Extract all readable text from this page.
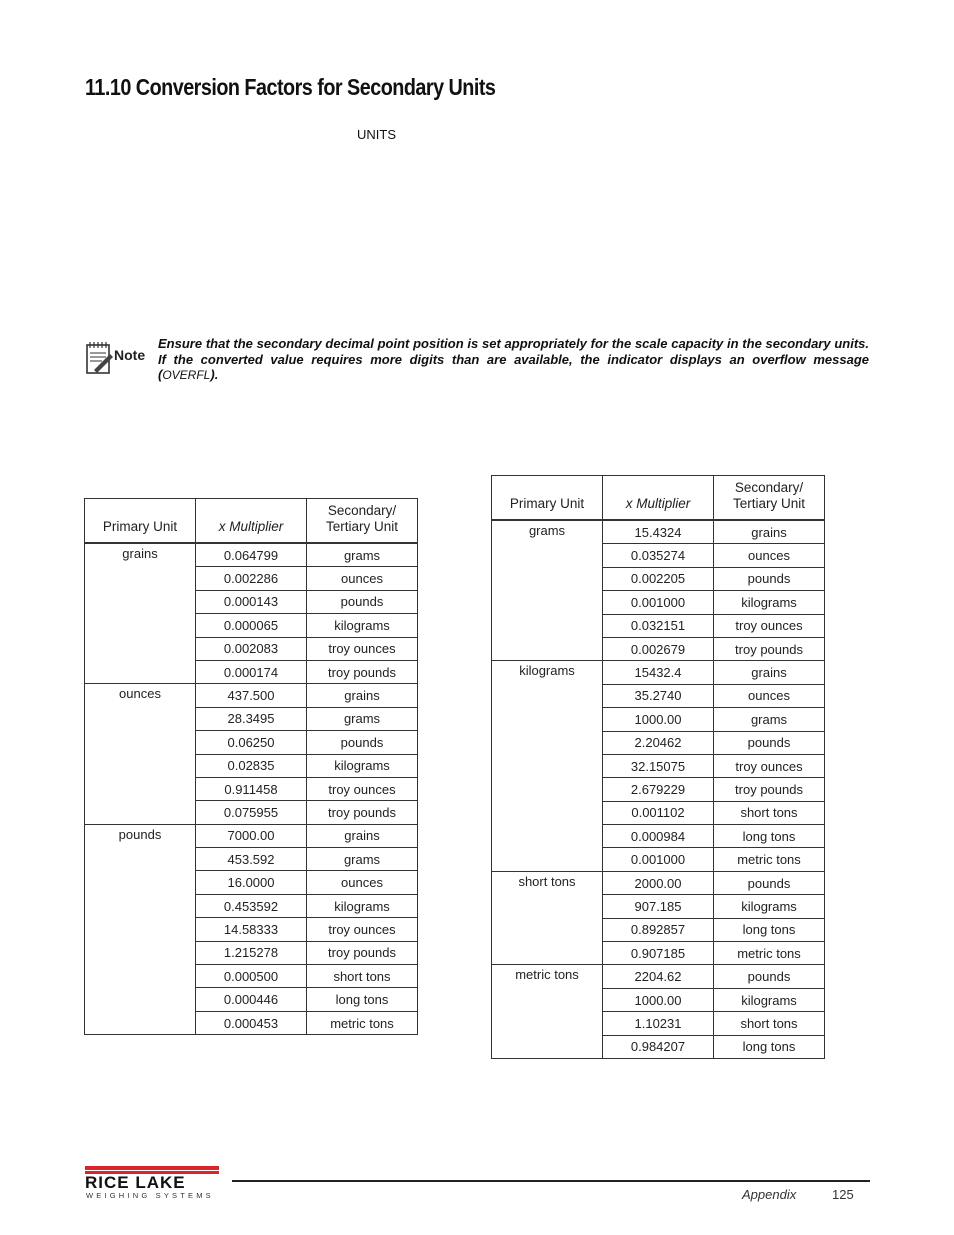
11.10 Conversion Factors for Secondary Units
UNITS
Note
Ensure that the secondary decimal point position is set appropriately for the scale capacity in the secondary units. If the converted value requires more digits than are available, the indicator displays an overflow message (OVERFL).
Primary Unit	x Multiplier	Secondary/
Tertiary Unit
grains	0.064799	grams
	0.002286	ounces
	0.000143	pounds
	0.000065	kilograms
	0.002083	troy ounces
	0.000174	troy pounds
ounces	437.500	grains
	28.3495	grams
	0.06250	pounds
	0.02835	kilograms
	0.911458	troy ounces
	0.075955	troy pounds
pounds	7000.00	grains
	453.592	grams
	16.0000	ounces
	0.453592	kilograms
	14.58333	troy ounces
	1.215278	troy pounds
	0.000500	short tons
	0.000446	long tons
	0.000453	metric tons
Primary Unit	x Multiplier	Secondary/
Tertiary Unit
grams	15.4324	grains
	0.035274	ounces
	0.002205	pounds
	0.001000	kilograms
	0.032151	troy ounces
	0.002679	troy pounds
kilograms	15432.4	grains
	35.2740	ounces
	1000.00	grams
	2.20462	pounds
	32.15075	troy ounces
	2.679229	troy pounds
	0.001102	short tons
	0.000984	long tons
	0.001000	metric tons
short tons	2000.00	pounds
	907.185	kilograms
	0.892857	long tons
	0.907185	metric tons
metric tons	2204.62	pounds
	1000.00	kilograms
	1.10231	short tons
	0.984207	long tons
RICE LAKE
WEIGHING SYSTEMS	Appendix	125
